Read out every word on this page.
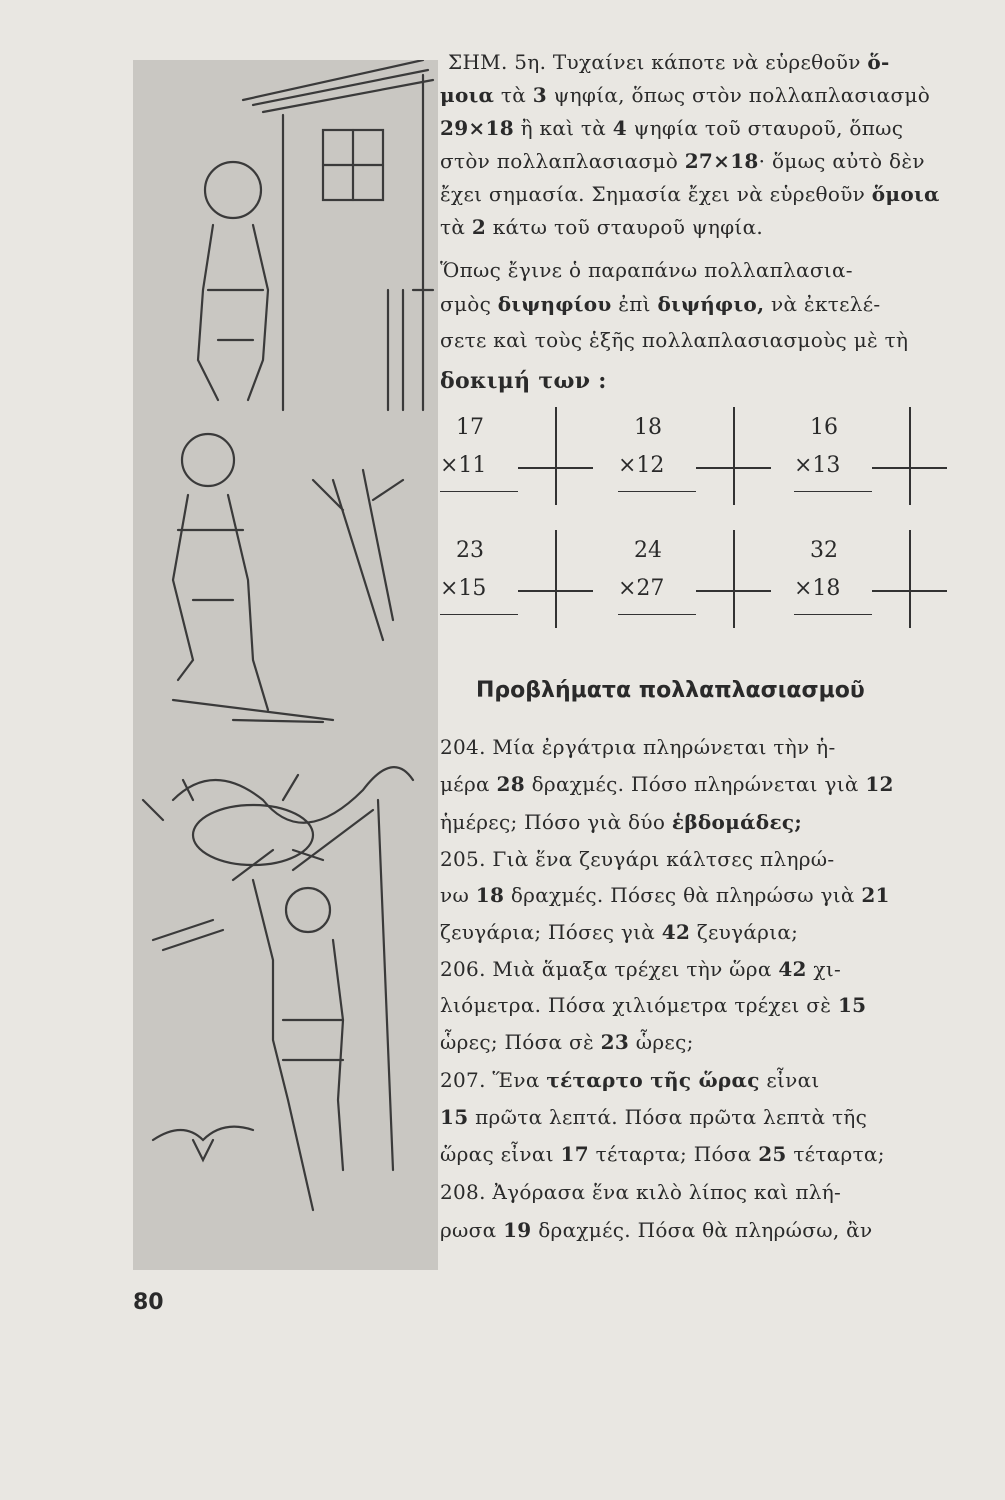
ΣΗΜ. 5η. Τυχαίνει κάποτε νὰ εὑρεθοῦν ὅ-
μοια τὰ 3 ψηφία, ὅπως στὸν πολλαπλασιασμὸ
29×18 ἢ καὶ τὰ 4 ψηφία τοῦ σταυροῦ, ὅπως
στὸν πολλαπλασιασμὸ 27×18· ὅμως αὐτὸ δὲν
ἔχει σημασία. Σημασία ἔχει νὰ εὑρεθοῦν ὅμοια
τὰ 2 κάτω τοῦ σταυροῦ ψηφία.
Ὅπως ἔγινε ὁ παραπάνω πολλαπλασια-
σμὸς διψηφίου ἐπὶ διψήφιο, νὰ ἐκτελέ-
σετε καὶ τοὺς ἑξῆς πολλαπλασιασμοὺς μὲ τὴ
δοκιμή των :
17
×11
18
×12
16
×13
23
×15
24
×27
32
×18
Προβλήματα πολλαπλασιασμοῦ
204. Μία ἐργάτρια πληρώνεται τὴν ἡ-
μέρα 28 δραχμές. Πόσο πληρώνεται γιὰ 12
ἡμέρες; Πόσο γιὰ δύο ἑβδομάδες;
205. Γιὰ ἕνα ζευγάρι κάλτσες πληρώ-
νω 18 δραχμές. Πόσες θὰ πληρώσω γιὰ 21
ζευγάρια; Πόσες γιὰ 42 ζευγάρια;
206. Μιὰ ἅμαξα τρέχει τὴν ὥρα 42 χι-
λιόμετρα. Πόσα χιλιόμετρα τρέχει σὲ 15
ὧρες; Πόσα σὲ 23 ὧρες;
207. Ἕνα τέταρτο τῆς ὥρας εἶναι
15 πρῶτα λεπτά. Πόσα πρῶτα λεπτὰ τῆς
ὥρας εἶναι 17 τέταρτα; Πόσα 25 τέταρτα;
208. Ἀγόρασα ἕνα κιλὸ λίπος καὶ πλή-
ρωσα 19 δραχμές. Πόσα θὰ πληρώσω, ἂν
80
